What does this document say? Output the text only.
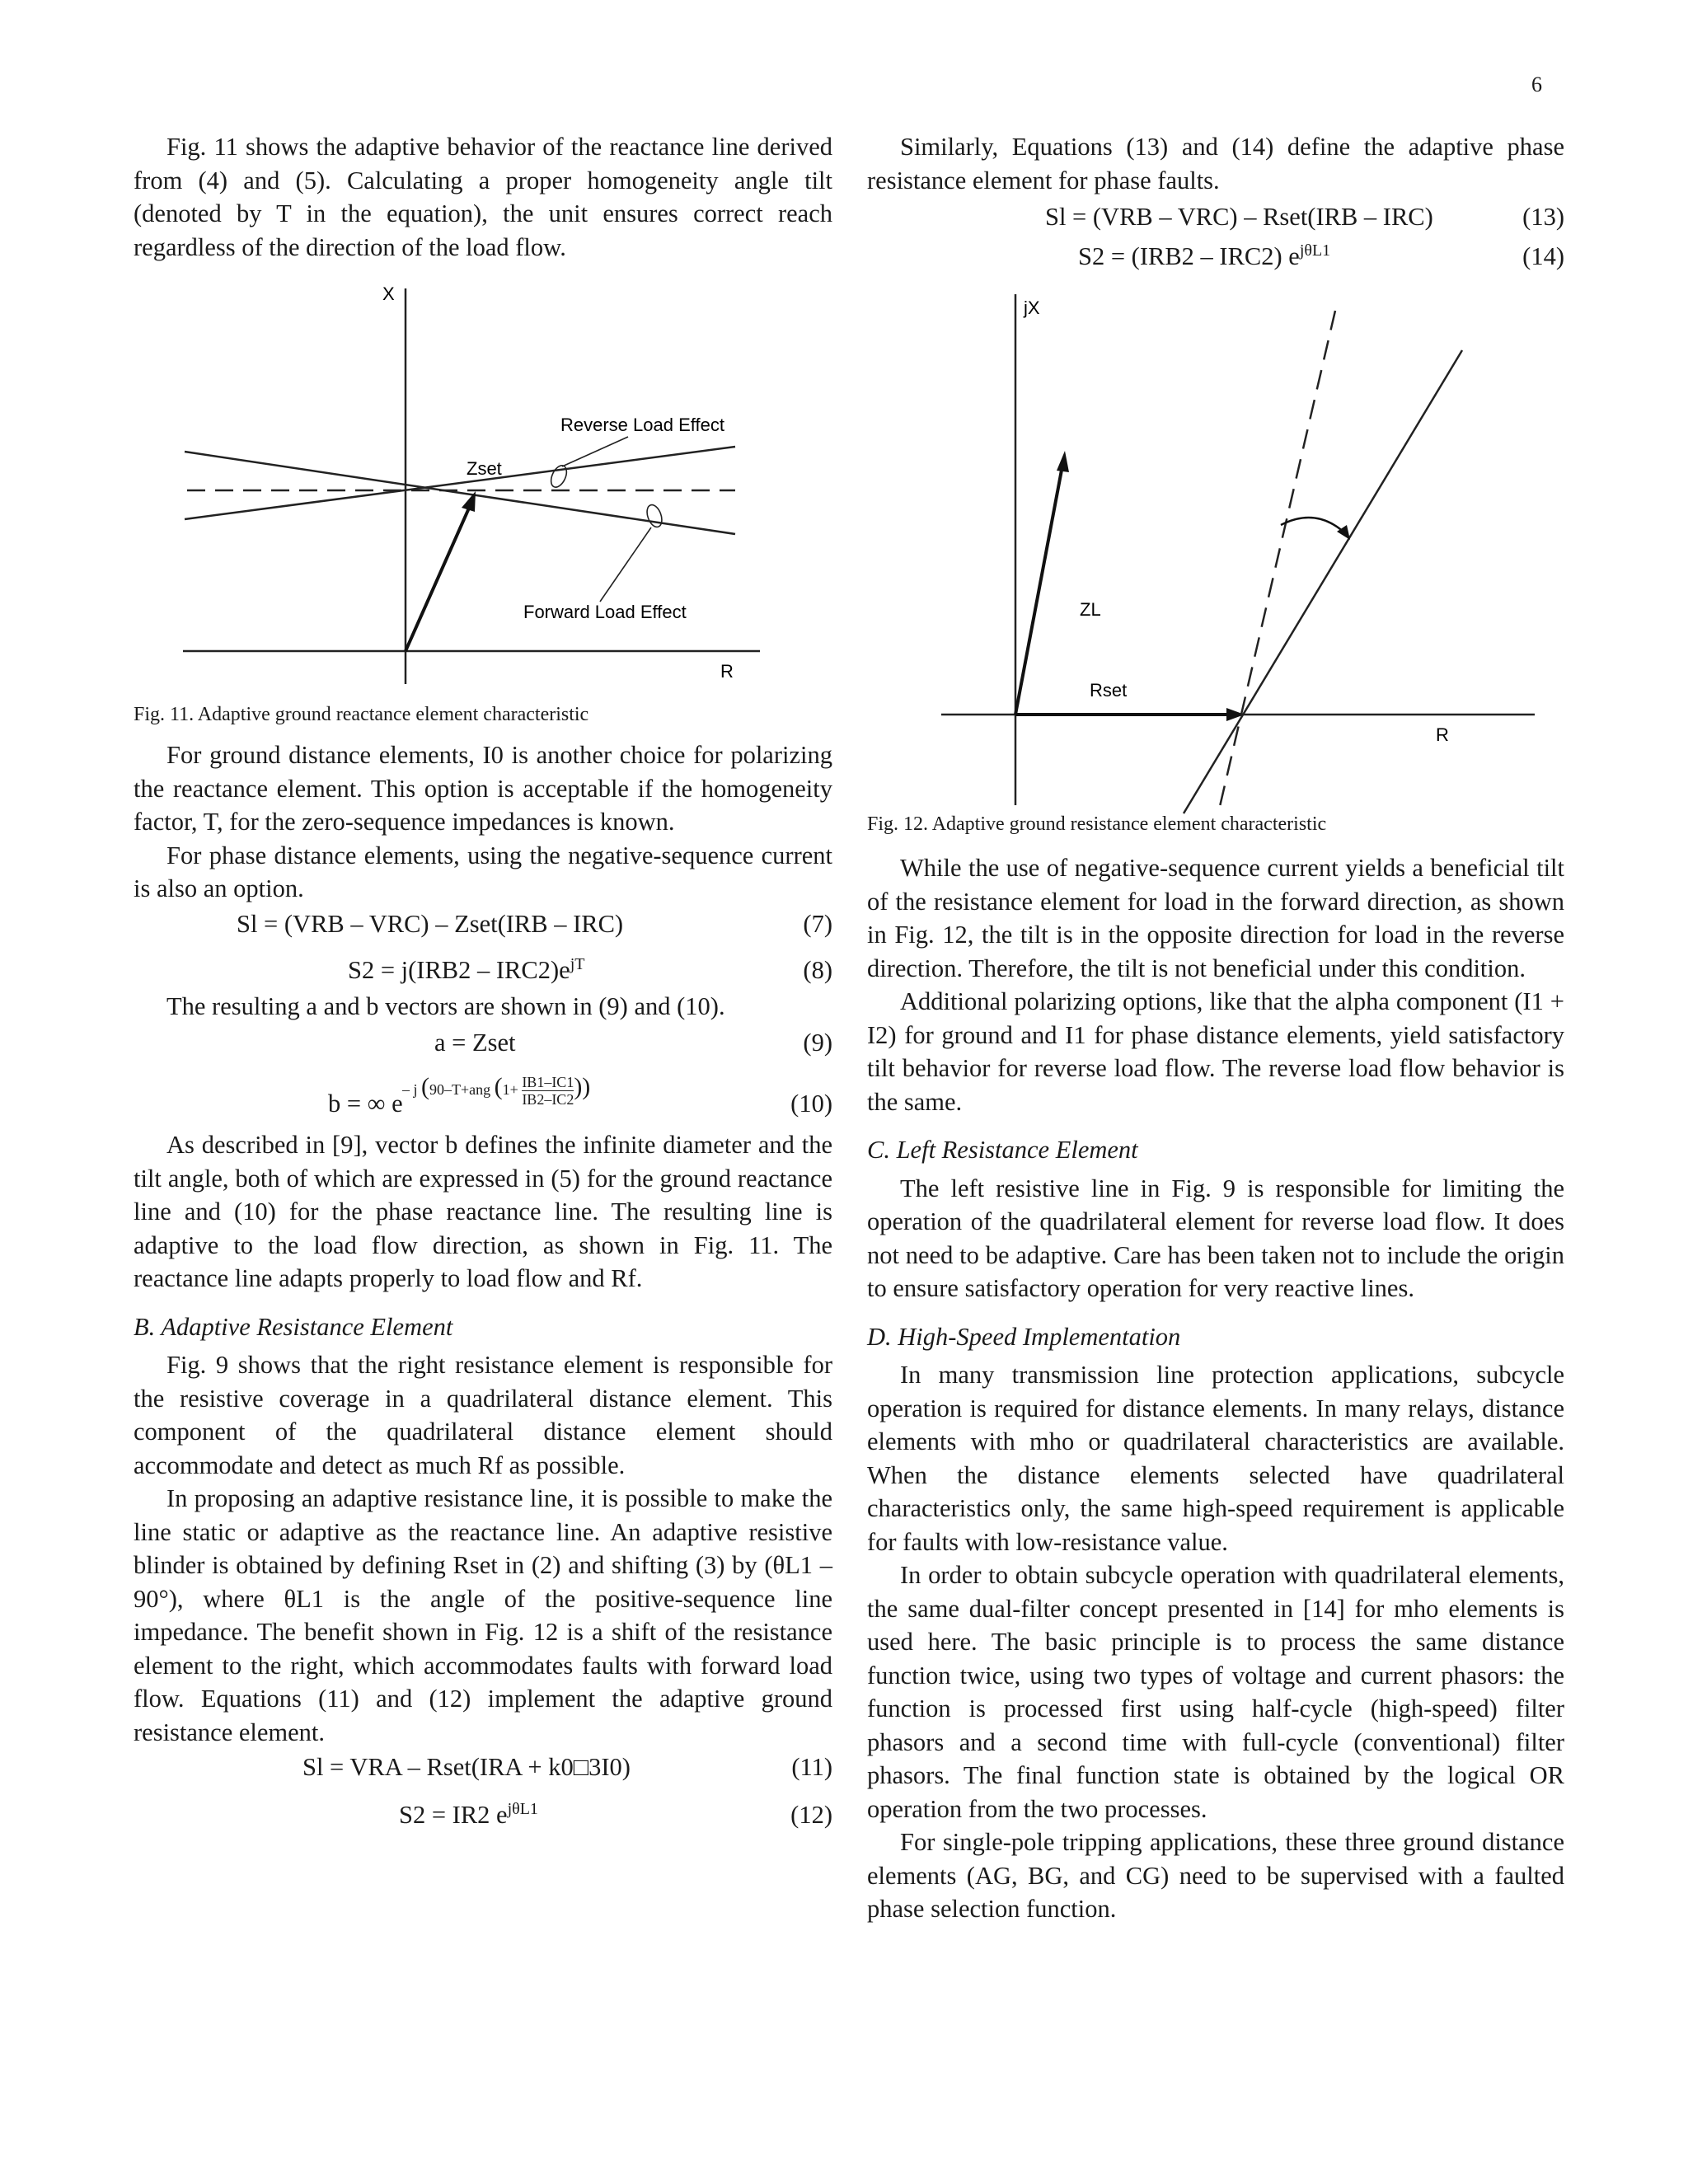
6

Fig. 11 shows the adaptive behavior of the reactance line derived from (4) and (5). Calculating a proper homogeneity angle tilt (denoted by T in the equation), the unit ensures correct reach regardless of the direction of the load flow.

X
R
Zset
Reverse Load Effect
Forward Load Effect

Fig. 11. Adaptive ground reactance element characteristic

For ground distance elements, I0 is another choice for polarizing the reactance element. This option is acceptable if the homogeneity factor, T, for the zero-sequence impedances is known.

For phase distance elements, using the negative-sequence current is also an option.

Sl = (VRB – VRC) – Zset(IRB – IRC)	(7)
$S2 = j(IRB2 - IRC2)e^{jT}$	(8)

The resulting a and b vectors are shown in (9) and (10).

a = Zset	(9)
– j (90–T+ang ($1+ \frac{IB1-IC1}{IB2-IC2}$ ))
b = ∞ e	(10)

As described in [9], vector b defines the infinite diameter and the tilt angle, both of which are expressed in (5) for the ground reactance line and (10) for the phase reactance line. The resulting line is adaptive to the load flow direction, as shown in Fig. 11. The reactance line adapts properly to load flow and Rf.

B. Adaptive Resistance Element

Fig. 9 shows that the right resistance element is responsible for the resistive coverage in a quadrilateral distance element. This component of the quadrilateral distance element should accommodate and detect as much Rf as possible.

In proposing an adaptive resistance line, it is possible to make the line static or adaptive as the reactance line. An adaptive resistive blinder is obtained by defining Rset in (2) and shifting (3) by (θL1 – 90°), where θL1 is the angle of the positive-sequence line impedance. The benefit shown in Fig. 12 is a shift of the resistance element to the right, which accommodates faults with forward load flow. Equations (11) and (12) implement the adaptive ground resistance element.

Sl = VRA – Rset(IRA + k0□3I0)	(11)
S2 = IR2 $e^{j\theta L1}$	(12)

Similarly, Equations (13) and (14) define the adaptive phase resistance element for phase faults.

Sl = (VRB – VRC) – Rset(IRB – IRC)	(13)
S2 = (IRB2 – IRC2) $e^{j\theta L1}$	(14)
jX
R
ZL
Rset

Fig. 12. Adaptive ground resistance element characteristic

While the use of negative-sequence current yields a beneficial tilt of the resistance element for load in the forward direction, as shown in Fig. 12, the tilt is in the opposite direction for load in the reverse direction. Therefore, the tilt is not beneficial under this condition.

Additional polarizing options, like that the alpha component (I1 + I2) for ground and I1 for phase distance elements, yield satisfactory tilt behavior for reverse load flow. The reverse load flow behavior is the same.

C. Left Resistance Element

The left resistive line in Fig. 9 is responsible for limiting the operation of the quadrilateral element for reverse load flow. It does not need to be adaptive. Care has been taken not to include the origin to ensure satisfactory operation for very reactive lines.

D. High-Speed Implementation

In many transmission line protection applications, subcycle operation is required for distance elements. In many relays, distance elements with mho or quadrilateral characteristics are available. When the distance elements selected have quadrilateral characteristics only, the same high-speed requirement is applicable for faults with low-resistance value.

In order to obtain subcycle operation with quadrilateral elements, the same dual-filter concept presented in [14] for mho elements is used here. The basic principle is to process the same distance function twice, using two types of voltage and current phasors: the function is processed first using half-cycle (high-speed) filter phasors and a second time with full-cycle (conventional) filter phasors. The final function state is obtained by the logical OR operation from the two processes.

For single-pole tripping applications, these three ground distance elements (AG, BG, and CG) need to be supervised with a faulted phase selection function.
